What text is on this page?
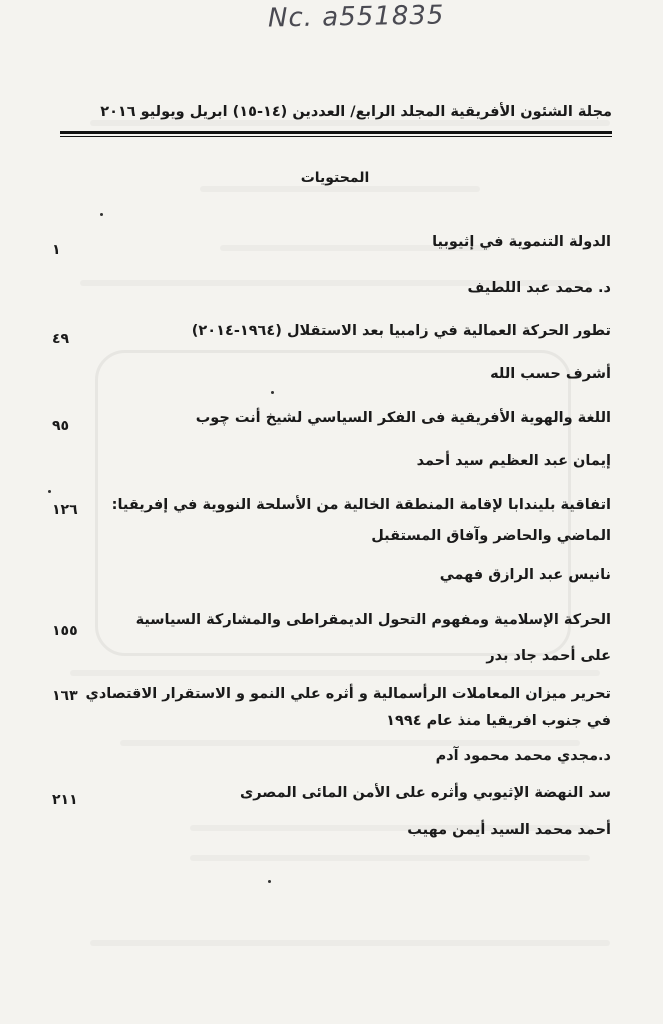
Nc. a551835
مجلة الشئون الأفريقية المجلد الرابع/ العددين (١٤-١٥) ابريل ويوليو ٢٠١٦
المحتويات
الدولة التنموية في إثيوبيا
١
د. محمد عبد اللطيف
تطور الحركة العمالية في زامبيا بعد الاستقلال (١٩٦٤-٢٠١٤)
٤٩
أشرف حسب الله
اللغة والهوية الأفريقية فى الفكر السياسي لشيخ أنت چوب
٩٥
إيمان عبد العظيم سيد أحمد
اتفاقية بليندابا لإقامة المنطقة الخالية من الأسلحة النووية في إفريقيا:
١٢٦
الماضي والحاضر وآفاق المستقبل
نانيس عبد الرازق فهمي
الحركة الإسلامية ومفهوم التحول الديمقراطى والمشاركة السياسية
١٥٥
على أحمد جاد بدر
تحرير ميزان المعاملات الرأسمالية و أثره علي النمو و الاستقرار الاقتصادي
١٦٣
في جنوب افريقيا منذ عام ١٩٩٤
د.مجدي محمد محمود آدم
سد النهضة الإثيوبي وأثره على الأمن المائى المصرى
٢١١
أحمد محمد السيد أيمن مهيب
